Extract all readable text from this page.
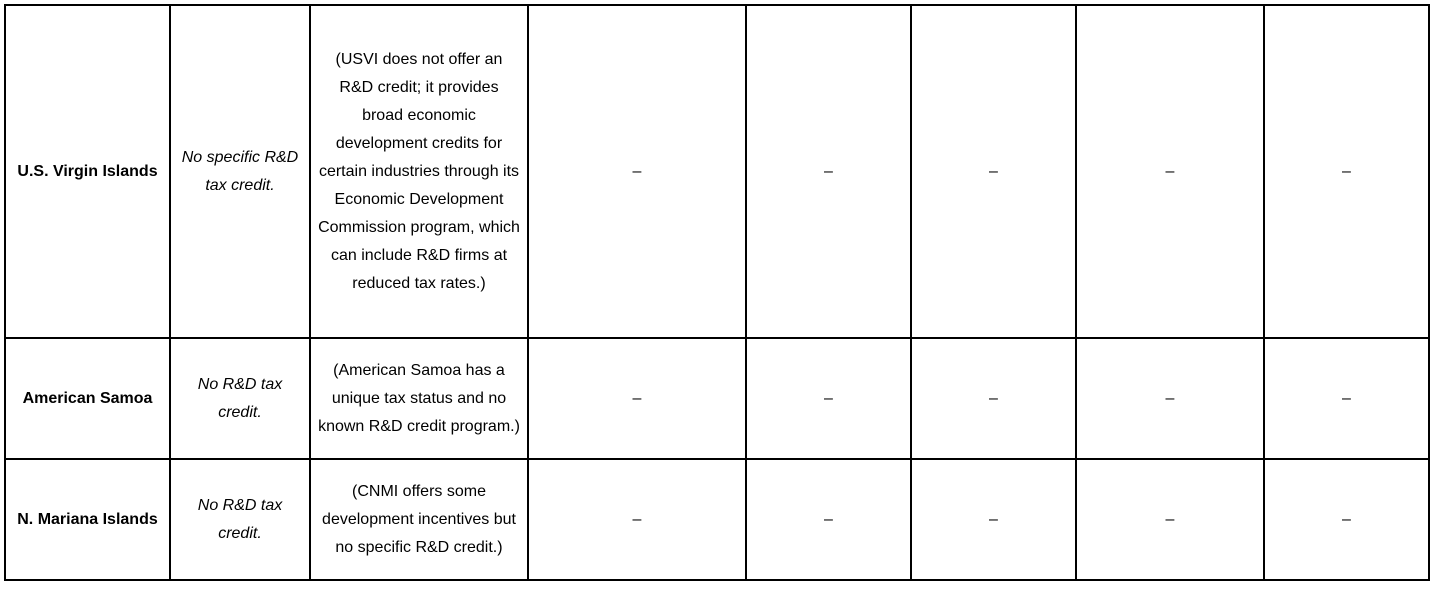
U.S. Virgin Islands	No specific R&D tax credit.	(USVI does not offer an R&D credit; it provides broad economic development credits for certain industries through its Economic Development Commission program, which can include R&D firms at reduced tax rates.)	–	–	–	–	–
American Samoa	No R&D tax credit.	(American Samoa has a unique tax status and no known R&D credit program.)	–	–	–	–	–
N. Mariana Islands	No R&D tax credit.	(CNMI offers some development incentives but no specific R&D credit.)	–	–	–	–	–
